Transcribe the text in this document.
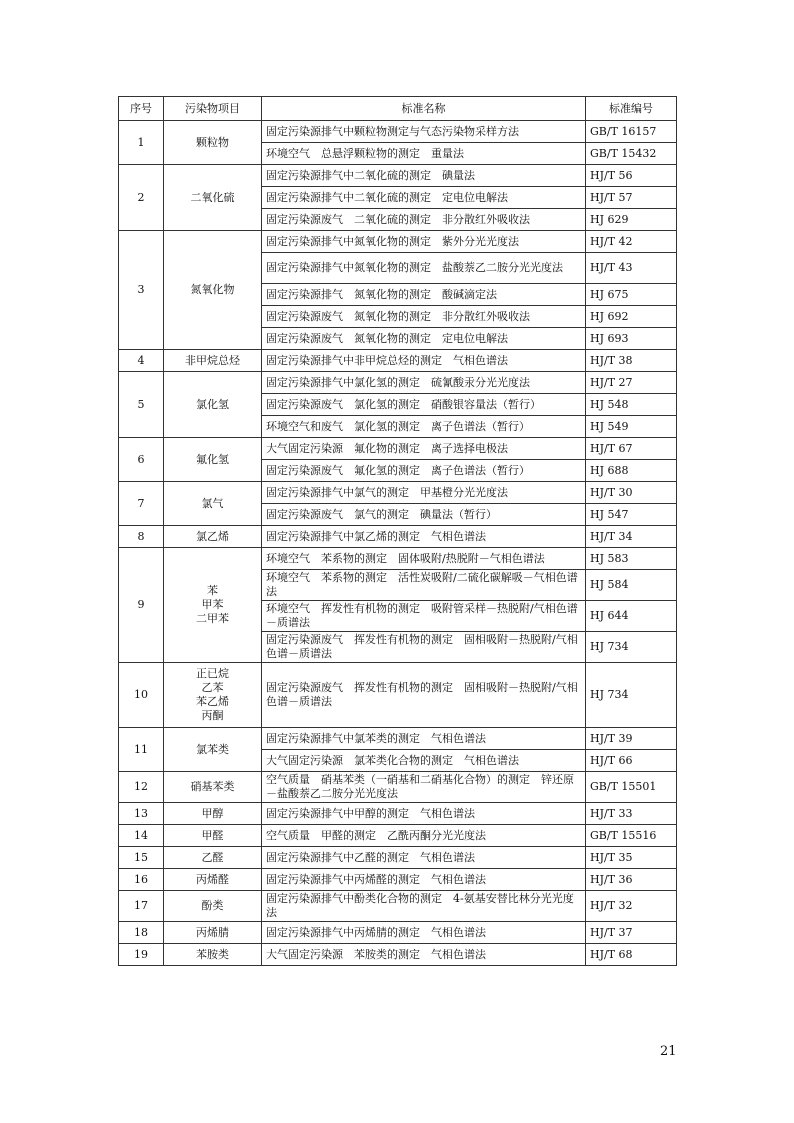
序号	污染物项目	标准名称	标准编号
1	颗粒物	固定污染源排气中颗粒物测定与气态污染物采样方法	GB/T 16157
		环境空气　总悬浮颗粒物的测定　重量法	GB/T 15432
2	二氧化硫	固定污染源排气中二氧化硫的测定　碘量法	HJ/T 56
		固定污染源排气中二氧化硫的测定　定电位电解法	HJ/T 57
		固定污染源废气　二氧化硫的测定　非分散红外吸收法	HJ 629
3	氮氧化物	固定污染源排气中氮氧化物的测定　紫外分光光度法	HJ/T 42
		固定污染源排气中氮氧化物的测定　盐酸萘乙二胺分光光度法	HJ/T 43
		固定污染源排气　氮氧化物的测定　酸碱滴定法	HJ 675
		固定污染源废气　氮氧化物的测定　非分散红外吸收法	HJ 692
		固定污染源废气　氮氧化物的测定　定电位电解法	HJ 693
4	非甲烷总烃	固定污染源排气中非甲烷总烃的测定　气相色谱法	HJ/T 38
5	氯化氢	固定污染源排气中氯化氢的测定　硫氰酸汞分光光度法	HJ/T 27
		固定污染源废气　氯化氢的测定　硝酸银容量法（暂行）	HJ 548
		环境空气和废气　氯化氢的测定　离子色谱法（暂行）	HJ 549
6	氟化氢	大气固定污染源　氟化物的测定　离子选择电极法	HJ/T 67
		固定污染源废气　氟化氢的测定　离子色谱法（暂行）	HJ 688
7	氯气	固定污染源排气中氯气的测定　甲基橙分光光度法	HJ/T 30
		固定污染源废气　氯气的测定　碘量法（暂行）	HJ 547
8	氯乙烯	固定污染源排气中氯乙烯的测定　气相色谱法	HJ/T 34
9	苯
甲苯
二甲苯	环境空气　苯系物的测定　固体吸附/热脱附－气相色谱法	HJ 583
		环境空气　苯系物的测定　活性炭吸附/二硫化碳解吸－气相色谱法	HJ 584
		环境空气　挥发性有机物的测定　吸附管采样－热脱附/气相色谱－质谱法	HJ 644
		固定污染源废气　挥发性有机物的测定　固相吸附－热脱附/气相色谱－质谱法	HJ 734
10	正已烷
乙苯
苯乙烯
丙酮	固定污染源废气　挥发性有机物的测定　固相吸附－热脱附/气相色谱－质谱法	HJ 734
11	氯苯类	固定污染源排气中氯苯类的测定　气相色谱法	HJ/T 39
		大气固定污染源　氯苯类化合物的测定　气相色谱法	HJ/T 66
12	硝基苯类	空气质量　硝基苯类（一硝基和二硝基化合物）的测定　锌还原－盐酸萘乙二胺分光光度法	GB/T 15501
13	甲醇	固定污染源排气中甲醇的测定　气相色谱法	HJ/T 33
14	甲醛	空气质量　甲醛的测定　乙酰丙酮分光光度法	GB/T 15516
15	乙醛	固定污染源排气中乙醛的测定　气相色谱法	HJ/T 35
16	丙烯醛	固定污染源排气中丙烯醛的测定　气相色谱法	HJ/T 36
17	酚类	固定污染源排气中酚类化合物的测定　4-氨基安替比林分光光度法	HJ/T 32
18	丙烯腈	固定污染源排气中丙烯腈的测定　气相色谱法	HJ/T 37
19	苯胺类	大气固定污染源　苯胺类的测定　气相色谱法	HJ/T 68
21
